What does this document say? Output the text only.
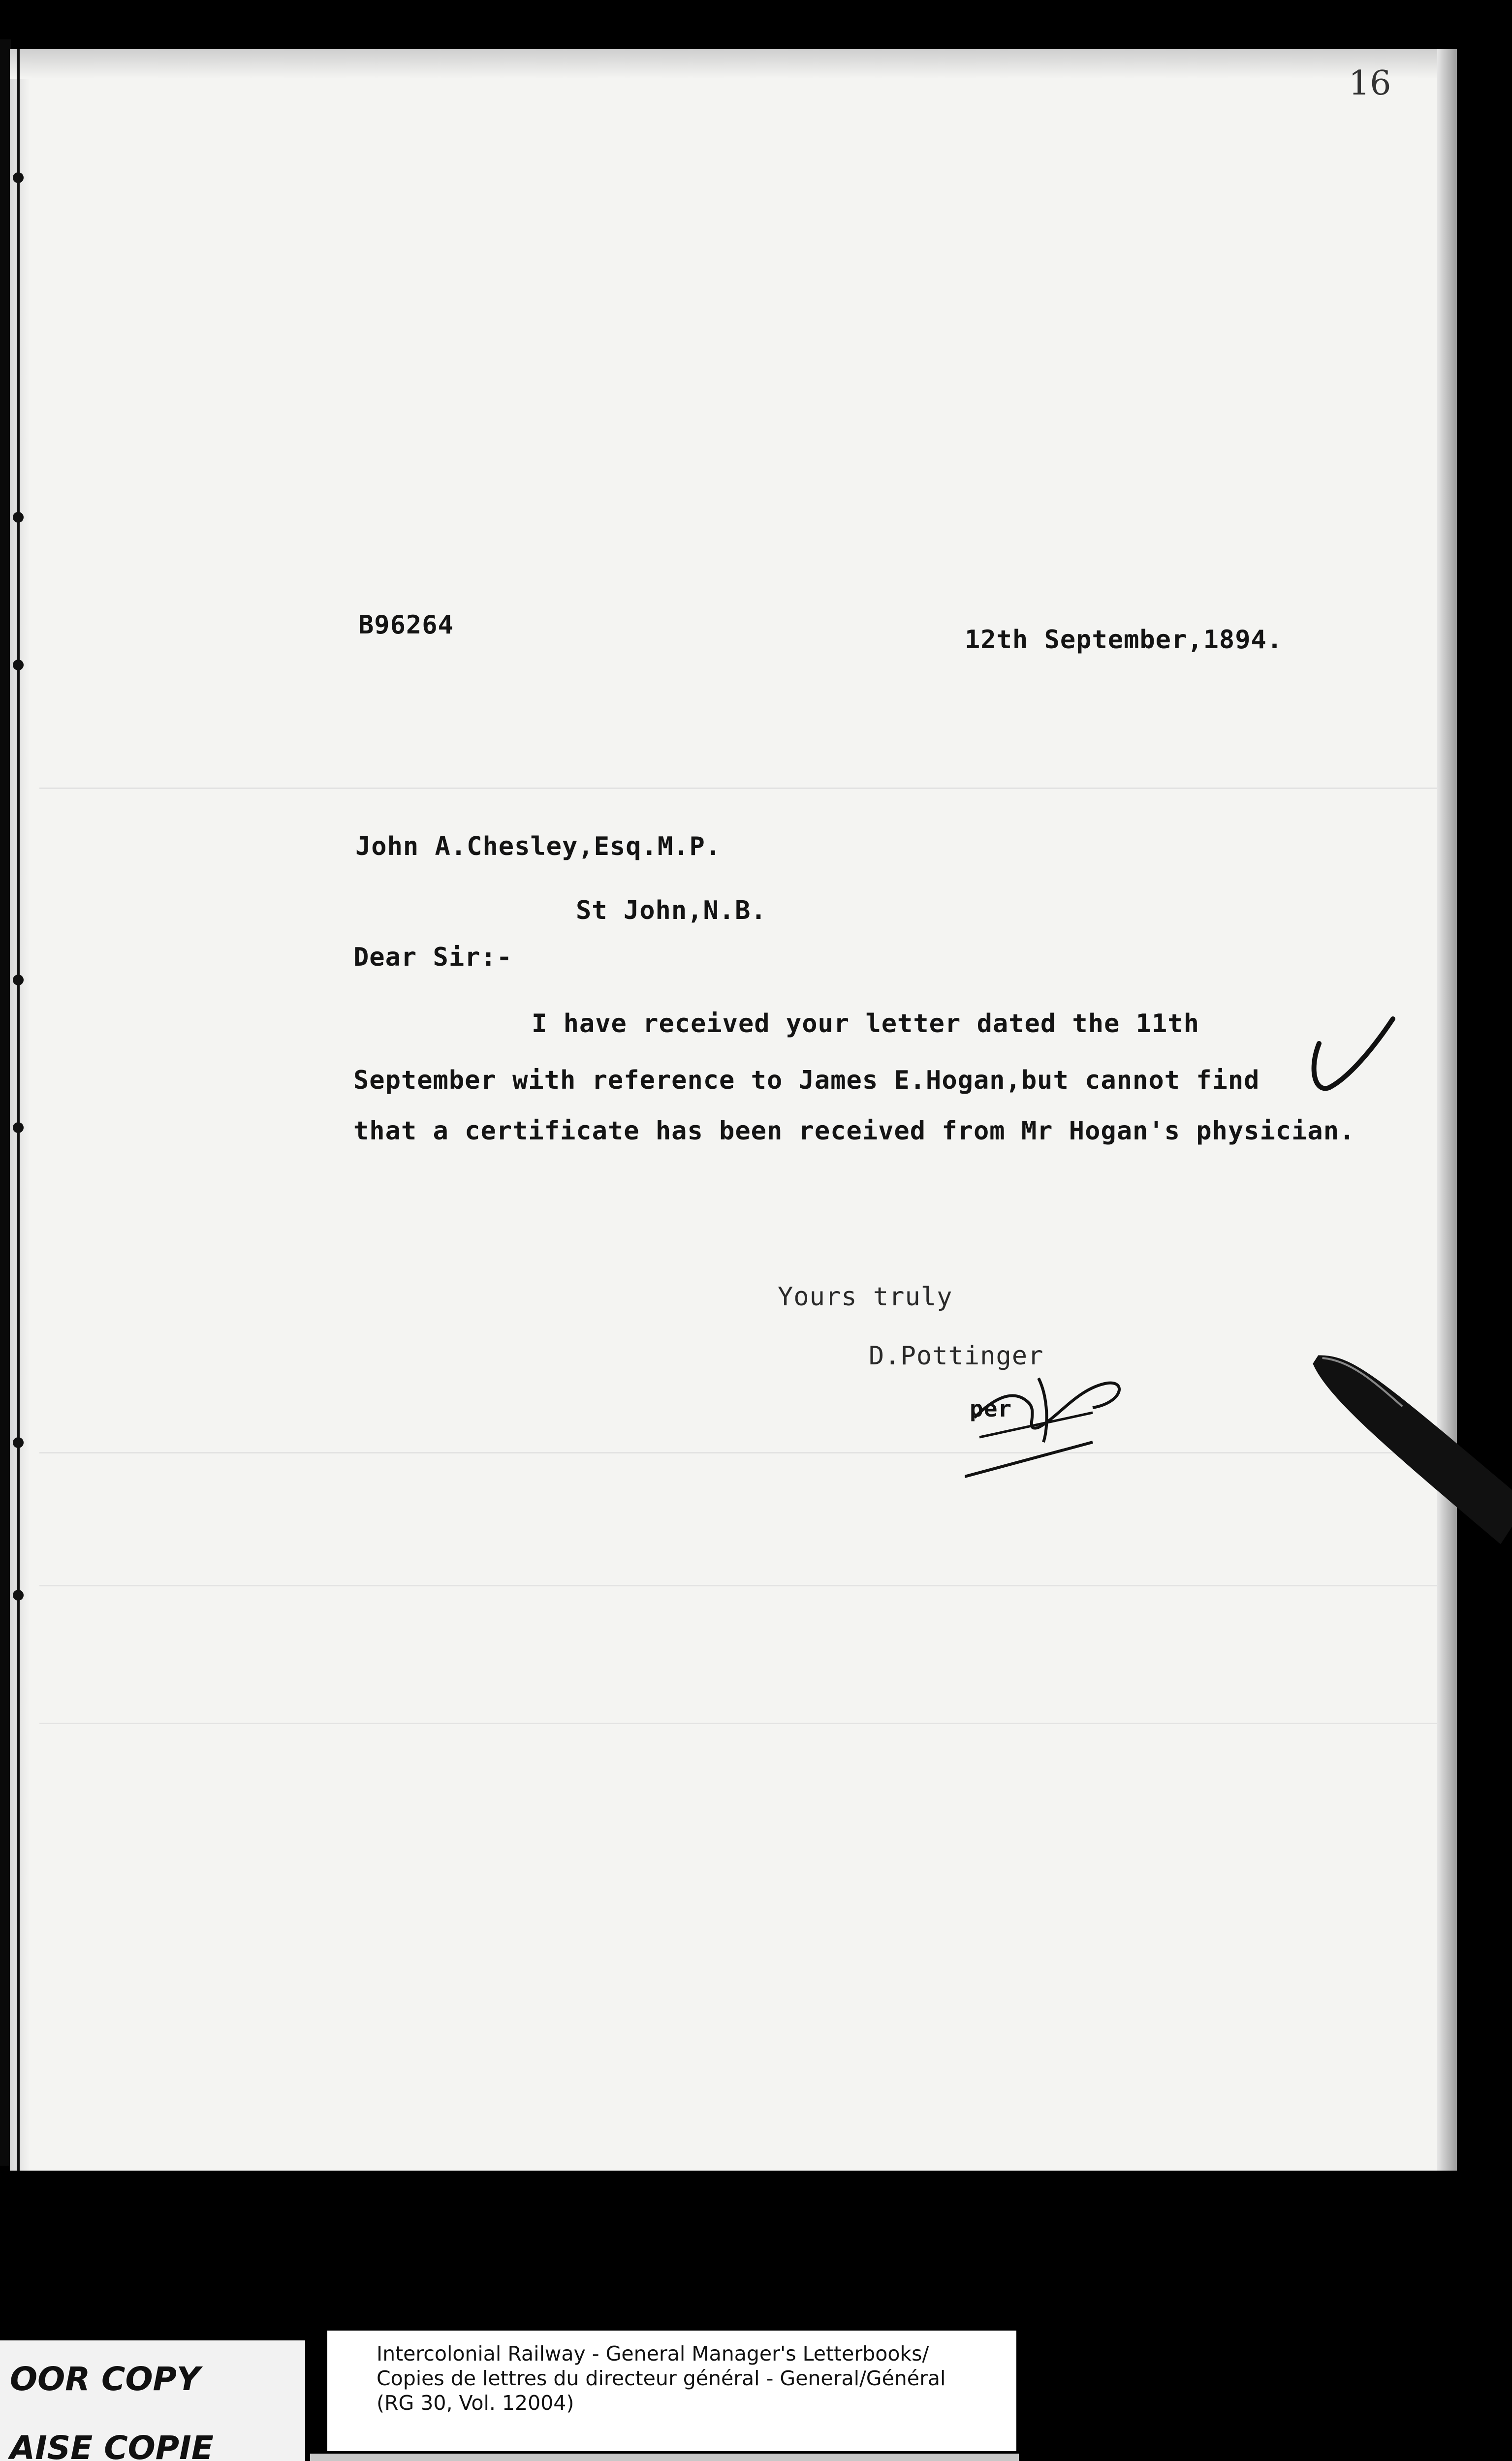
16
B96264	12th September,1894.
John A.Chesley,Esq.M.P.
St John,N.B.
Dear Sir:-
I have received your letter dated the 11th
September with reference to James E.Hogan,but cannot find
that a certificate has been received from Mr Hogan's physician.
Yours truly
D.Pottinger
per
OOR COPY
AISE COPIE
Intercolonial Railway - General Manager's Letterbooks/
Copies de lettres du directeur général - General/Général
(RG 30, Vol. 12004)
